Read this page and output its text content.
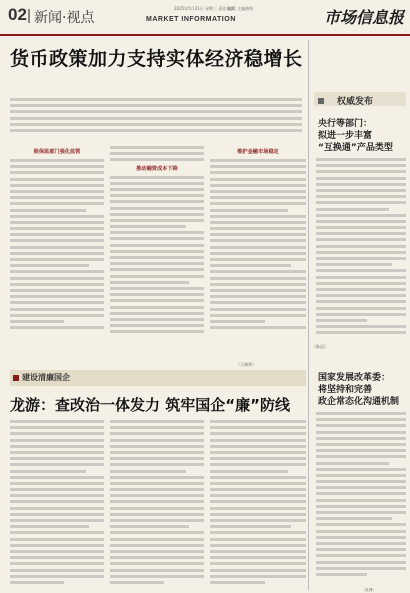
02 新闻·视点
2025年5月21日 星期三 责任编辑
MARKET INFORMATION
电话 主编热线	市场信息报
货币政策加力支持实体经济稳增长
银保监部门强化监管
推动融资成本下降
维护金融市场稳定
（王瑞华）
权威发布
央行等部门：
拟进一步丰富
“互换通”产品类型
（陈远）
国家发展改革委：
将坚持和完善
政企常态化沟通机制
（杜博）
建设清廉国企
龙游：查改治一体发力 筑牢国企“廉”防线
